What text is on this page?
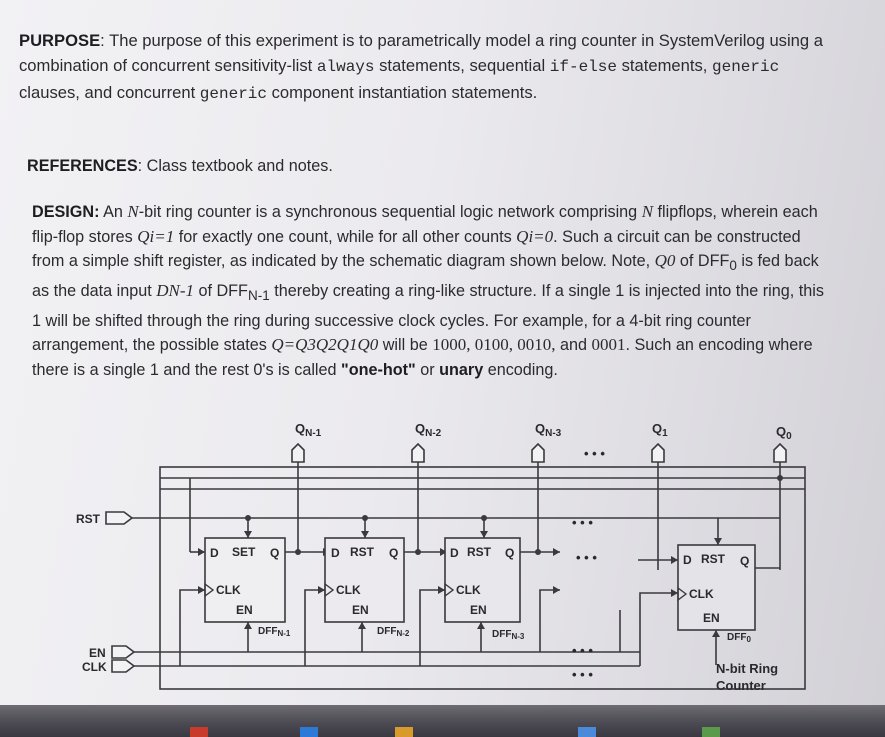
PURPOSE: The purpose of this experiment is to parametrically model a ring counter in SystemVerilog using a combination of concurrent sensitivity-list always statements, sequential if-else statements, generic clauses, and concurrent generic component instantiation statements.

REFERENCES: Class textbook and notes.

DESIGN: An N-bit ring counter is a synchronous sequential logic network comprising N flipflops, wherein each flip-flop stores Qi=1 for exactly one count, while for all other counts Qi=0. Such a circuit can be constructed from a simple shift register, as indicated by the schematic diagram shown below. Note, Q0 of $DFF_0$ is fed back as the data input DN-1 of $DFF_{N-1}$ thereby creating a ring-like structure. If a single 1 is injected into the ring, this 1 will be shifted through the ring during successive clock cycles. For example, for a 4-bit ring counter arrangement, the possible states Q=Q3Q2Q1Q0 will be 1000, 0100, 0010, and 0001. Such an encoding where there is a single 1 and the rest 0's is called "one-hot" or unary encoding.

$Q_{N-1}$	$Q_{N-2}$	$Q_{N-3}$	$Q_1$	$Q_0$
• • •
• • •
• • •
• • •
• • •
RST
EN
CLK
D SET Q
CLK
EN
$DFF_{N-1}$
D RST Q
CLK
EN
$DFF_{N-2}$
D RST Q
CLK
EN
$DFF_{N-3}$
D RST Q
CLK
EN
$DFF_0$
N-bit Ring
Counter
